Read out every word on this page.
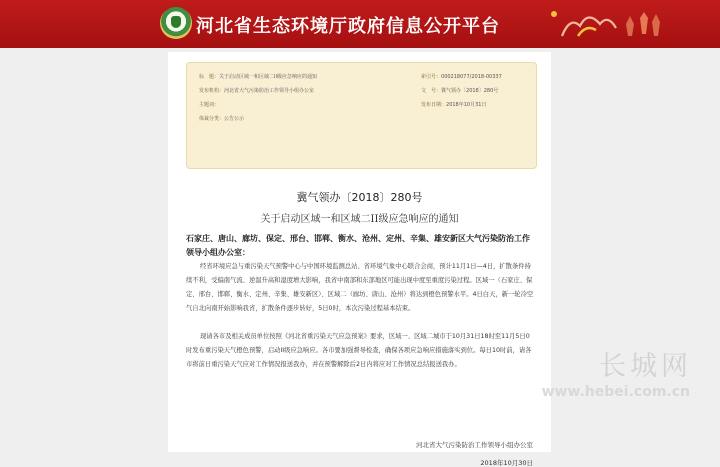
河北省生态环境厅政府信息公开平台
标　题：关于启动区域一和区域二II级应急响应的通知
发布机构：河北省大气污染防治工作领导小组办公室
主题词：
体裁分类：公告公示
索引号：000218077/2018-00337
文　号：冀气领办〔2018〕280号
发布日期：2018年10月31日
冀气领办〔2018〕280号
关于启动区域一和区域二II级应急响应的通知
石家庄、唐山、廊坊、保定、邢台、邯郸、衡水、沧州、定州、辛集、雄安新区大气污染防治工作领导小组办公室：
经省环境应急与重污染天气预警中心与中国环境监测总站、省环境气象中心联合会商，预计11月1日—4日，扩散条件持续不利，受偏南气流、逆温升高和湿度增大影响，我省中南部和东部地区可能出现中度至重度污染过程。区域一（石家庄、保定、邢台、邯郸、衡水、定州、辛集、雄安新区）、区域二（廊坊、唐山、沧州）将达到橙色预警水平。4日白天，新一轮冷空气自北向南开始影响我省，扩散条件逐步转好，5日0时，本次污染过程基本结束。
现请各市及相关成员单位按照《河北省重污染天气应急预案》要求，区域一、区域二城市于10月31日18时至11月5日0时发布重污染天气橙色预警，启动II级应急响应。各市要加强督导检查，确保各项应急响应措施落实到位。每日10时前，请各市将前日重污染天气应对工作情况报送我办，并在预警解除后2日内将应对工作情况总结报送我办。
河北省大气污染防治工作领导小组办公室
2018年10月30日
长城网
www.hebei.com.cn
